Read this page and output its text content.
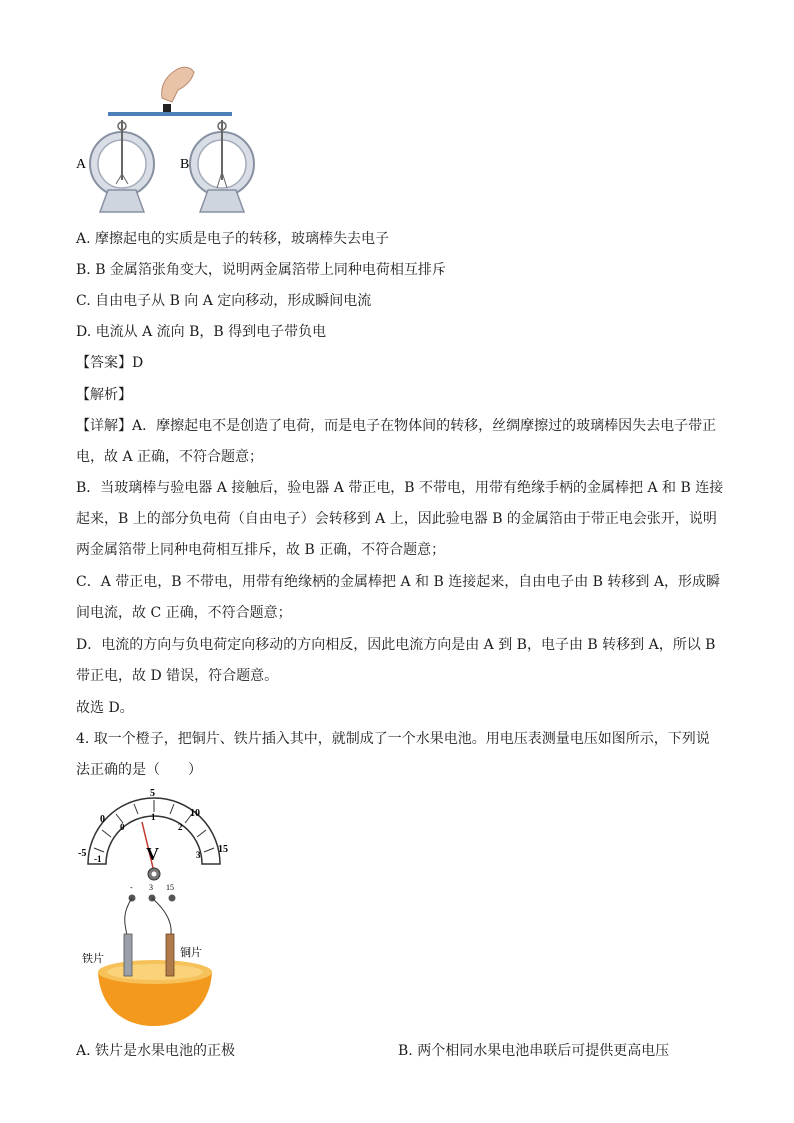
A	B
A. 摩擦起电的实质是电子的转移，玻璃棒失去电子
B. B 金属箔张角变大，说明两金属箔带上同种电荷相互排斥
C. 自由电子从 B 向 A 定向移动，形成瞬间电流
D. 电流从 A 流向 B，B 得到电子带负电
【答案】D
【解析】
【详解】A．摩擦起电不是创造了电荷，而是电子在物体间的转移，丝绸摩擦过的玻璃棒因失去电子带正
电，故 A 正确，不符合题意；
B．当玻璃棒与验电器 A 接触后，验电器 A 带正电，B 不带电，用带有绝缘手柄的金属棒把 A 和 B 连接
起来，B 上的部分负电荷（自由电子）会转移到 A 上，因此验电器 B 的金属箔由于带正电会张开，说明
两金属箔带上同种电荷相互排斥，故 B 正确，不符合题意；
C．A 带正电，B 不带电，用带有绝缘柄的金属棒把 A 和 B 连接起来，自由电子由 B 转移到 A，形成瞬
间电流，故 C 正确，不符合题意；
D．电流的方向与负电荷定向移动的方向相反，因此电流方向是由 A 到 B，电子由 B 转移到 A，所以 B
带正电，故 D 错误，符合题意。
故选 D。
4. 取一个橙子，把铜片、铁片插入其中，就制成了一个水果电池。用电压表测量电压如图所示，下列说
法正确的是（　　）
-5
0
5
10
15
-1
0
1
2
3
V
- 3 15
铁片	铜片
A. 铁片是水果电池的正极	B. 两个相同水果电池串联后可提供更高电压
